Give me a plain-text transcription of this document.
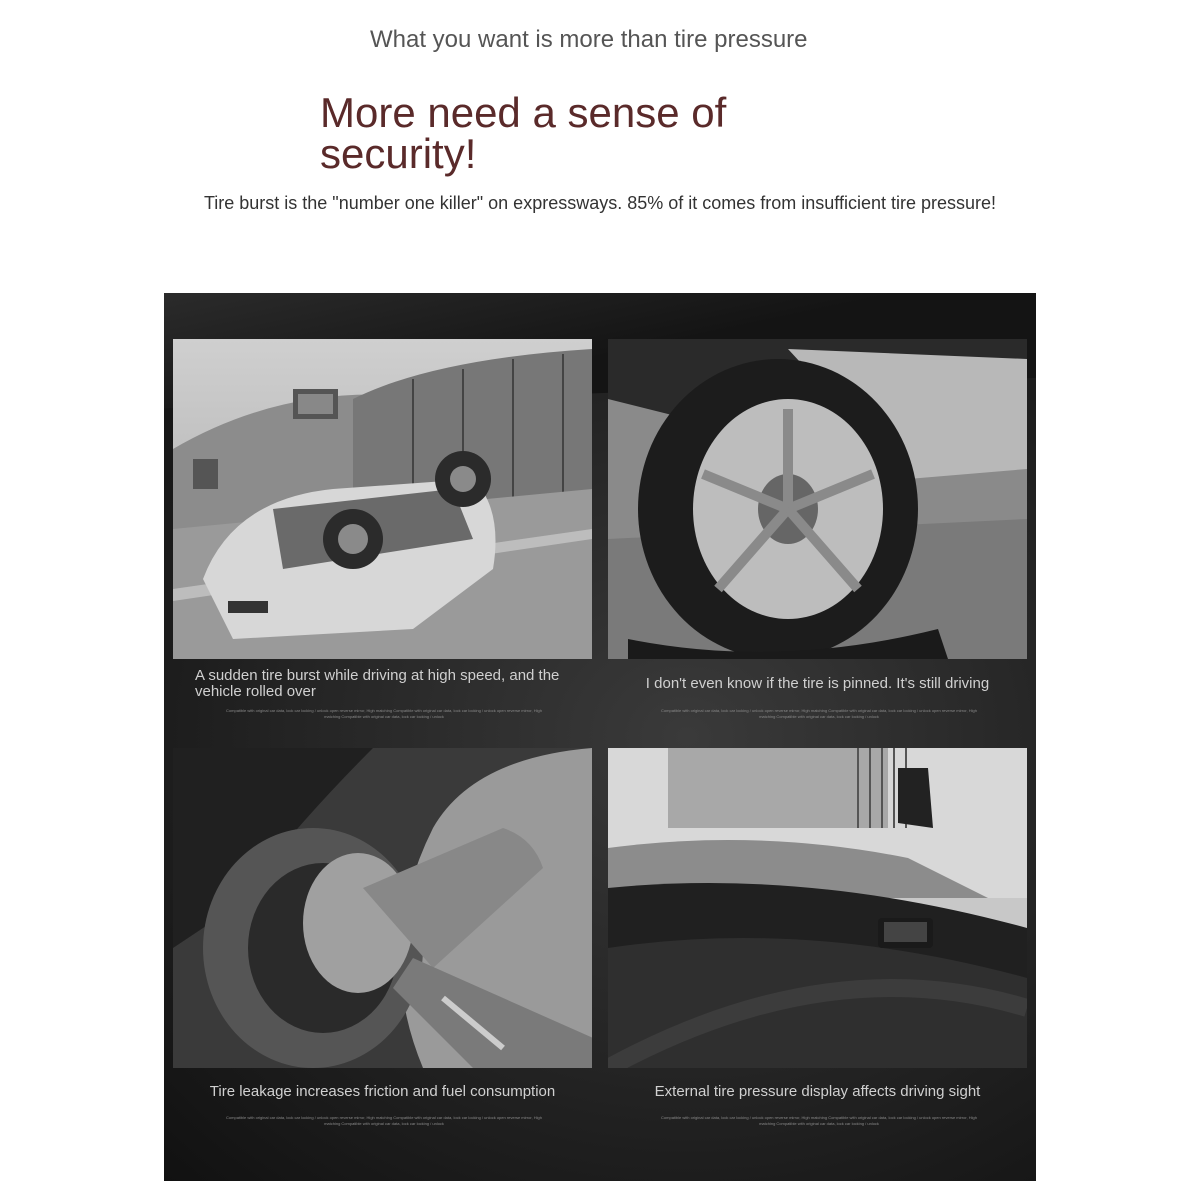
What you want is more than tire pressure

More need a sense of security!

Tire burst is the "number one killer" on expressways. 85% of it comes from insufficient tire pressure!

A sudden tire burst while driving at high speed, and the vehicle rolled over

Compatible with original car data, lock car locking / unlock open reverse mirror, High matching Compatible with original car data, lock car locking / unlock open reverse mirror, High matching Compatible with original car data, lock car locking / unlock

I don't even know if the tire is pinned. It's still driving

Compatible with original car data, lock car locking / unlock open reverse mirror, High matching Compatible with original car data, lock car locking / unlock open reverse mirror, High matching Compatible with original car data, lock car locking / unlock

Tire leakage increases friction and fuel consumption

Compatible with original car data, lock car locking / unlock open reverse mirror, High matching Compatible with original car data, lock car locking / unlock open reverse mirror, High matching Compatible with original car data, lock car locking / unlock

External tire pressure display affects driving sight

Compatible with original car data, lock car locking / unlock open reverse mirror, High matching Compatible with original car data, lock car locking / unlock open reverse mirror, High matching Compatible with original car data, lock car locking / unlock
